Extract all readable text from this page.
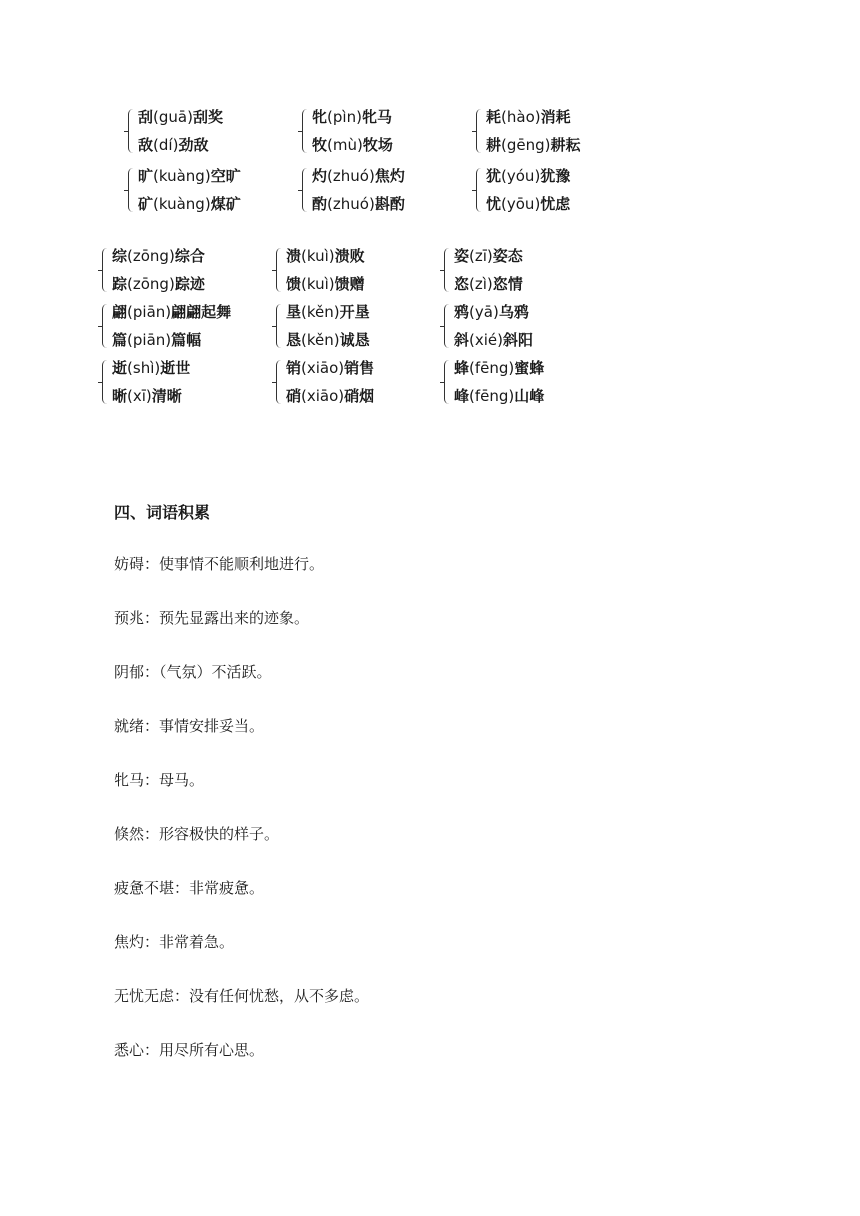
刮(guā)刮奖
敌(dí)劲敌
牝(pìn)牝马
牧(mù)牧场
耗(hào)消耗
耕(gēng)耕耘
旷(kuàng)空旷
矿(kuàng)煤矿
灼(zhuó)焦灼
酌(zhuó)斟酌
犹(yóu)犹豫
忧(yōu)忧虑
综(zōng)综合
踪(zōng)踪迹
溃(kuì)溃败
馈(kuì)馈赠
姿(zī)姿态
恣(zì)恣情
翩(piān)翩翩起舞
篇(piān)篇幅
垦(kěn)开垦
恳(kěn)诚恳
鸦(yā)乌鸦
斜(xié)斜阳
逝(shì)逝世
晰(xī)清晰
销(xiāo)销售
硝(xiāo)硝烟
蜂(fēng)蜜蜂
峰(fēng)山峰
四、词语积累
妨碍：使事情不能顺利地进行。
预兆：预先显露出来的迹象。
阴郁：（气氛）不活跃。
就绪：事情安排妥当。
牝马：母马。
倏然：形容极快的样子。
疲惫不堪：非常疲惫。
焦灼：非常着急。
无忧无虑：没有任何忧愁，从不多虑。
悉心：用尽所有心思。
